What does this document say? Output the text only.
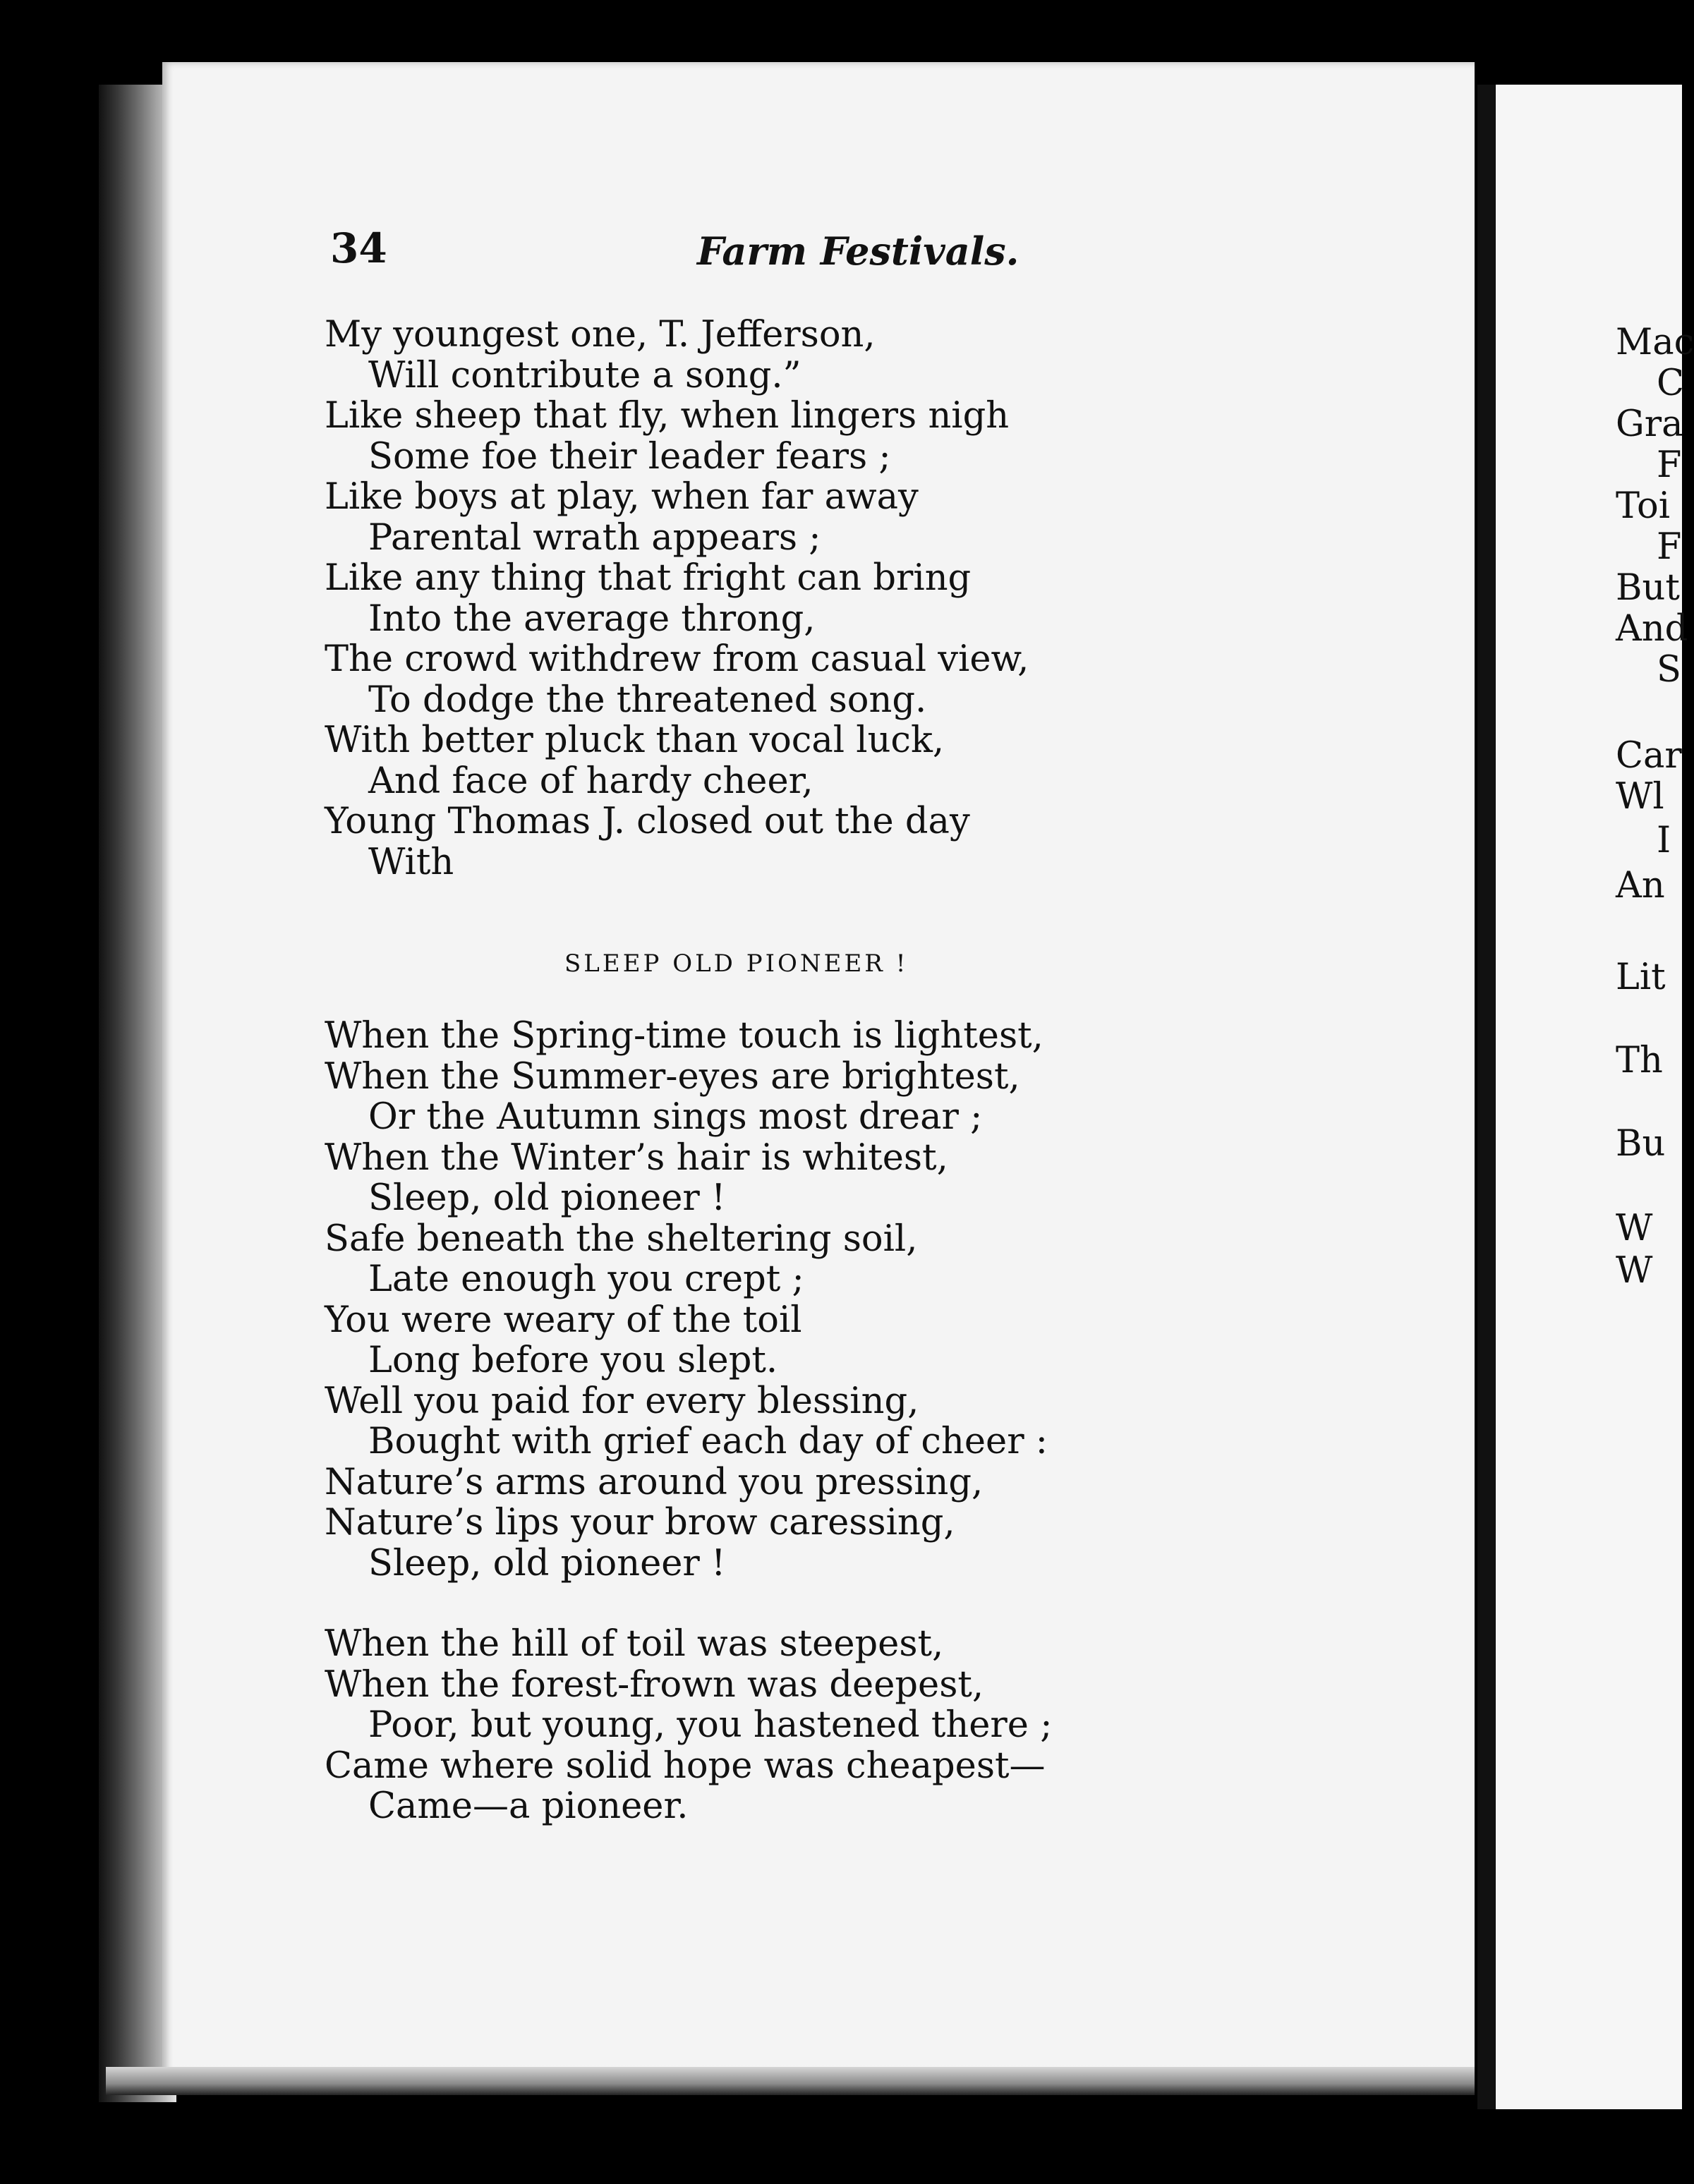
34	Farm Festivals.
My youngest one, T. Jefferson,
Will contribute a song.”
Like sheep that fly, when lingers nigh
Some foe their leader fears ;
Like boys at play, when far away
Parental wrath appears ;
Like any thing that fright can bring
Into the average throng,
The crowd withdrew from casual view,
To dodge the threatened song.
With better pluck than vocal luck,
And face of hardy cheer,
Young Thomas J. closed out the day
With
SLEEP OLD PIONEER !
When the Spring-time touch is lightest,
When the Summer-eyes are brightest,
Or the Autumn sings most drear ;
When the Winter’s hair is whitest,
Sleep, old pioneer !
Safe beneath the sheltering soil,
Late enough you crept ;
You were weary of the toil
Long before you slept.
Well you paid for every blessing,
Bought with grief each day of cheer :
Nature’s arms around you pressing,
Nature’s lips your brow caressing,
Sleep, old pioneer !
When the hill of toil was steepest,
When the forest-frown was deepest,
Poor, but young, you hastened there ;
Came where solid hope was cheapest—
Came—a pioneer.
Mac
C
Gra
F
Toi
F
But
And
S
Car
Wl
I
An
Lit
Th
Bu
W
W
